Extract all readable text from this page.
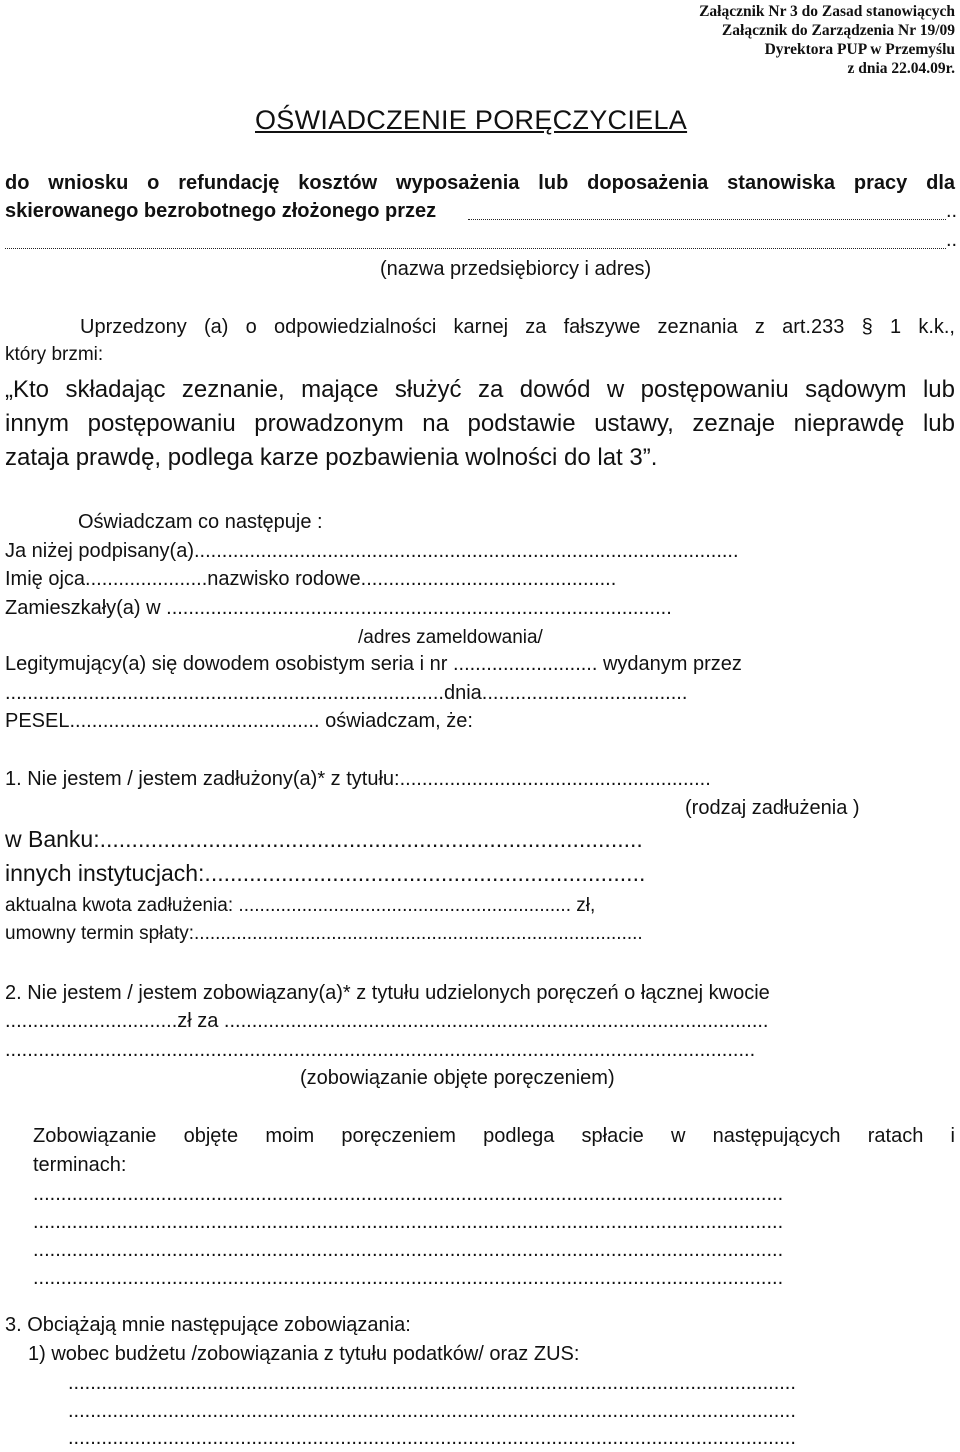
Załącznik Nr 3 do Zasad stanowiących

Załącznik do Zarządzenia Nr 19/09

Dyrektora PUP w Przemyślu

z dnia 22.04.09r.

OŚWIADCZENIE PORĘCZYCIELA

do wniosku o refundację kosztów wyposażenia lub doposażenia stanowiska pracy dla

skierowanego bezrobotnego złożonego przez	..

..

(nazwa przedsiębiorcy i adres)

Uprzedzony (a) o odpowiedzialności karnej za fałszywe zeznania z art.233 § 1 k.k.,

który brzmi:

„Kto składając zeznanie, mające służyć za dowód w postępowaniu sądowym lub

innym postępowaniu prowadzonym na podstawie ustawy, zeznaje nieprawdę lub

zataja prawdę, podlega karze pozbawienia wolności do lat 3”.

Oświadczam co następuje :

Ja niżej podpisany(a)..................................................................................................

Imię ojca......................nazwisko rodowe..............................................

Zamieszkały(a) w ...........................................................................................

/adres zameldowania/

Legitymujący(a) się dowodem osobistym seria i nr .......................... wydanym przez

...............................................................................dnia.....................................

PESEL............................................. oświadczam, że:

1. Nie jestem / jestem zadłużony(a)* z tytułu:........................................................

(rodzaj zadłużenia )

w Banku:.....................................................................................

innych instytucjach:.....................................................................

aktualna kwota zadłużenia: ............................................................... zł,

umowny termin spłaty:.....................................................................................

2. Nie jestem / jestem zobowiązany(a)* z tytułu udzielonych poręczeń o łącznej kwocie

...............................zł za ..................................................................................................

.......................................................................................................................................

(zobowiązanie objęte poręczeniem)

Zobowiązanie objęte moim poręczeniem podlega spłacie w następujących ratach i

terminach:

.......................................................................................................................................

.......................................................................................................................................

.......................................................................................................................................

.......................................................................................................................................

3. Obciążają mnie następujące zobowiązania:

1) wobec budżetu /zobowiązania z tytułu podatków/ oraz ZUS:

...................................................................................................................................

...................................................................................................................................

...................................................................................................................................
